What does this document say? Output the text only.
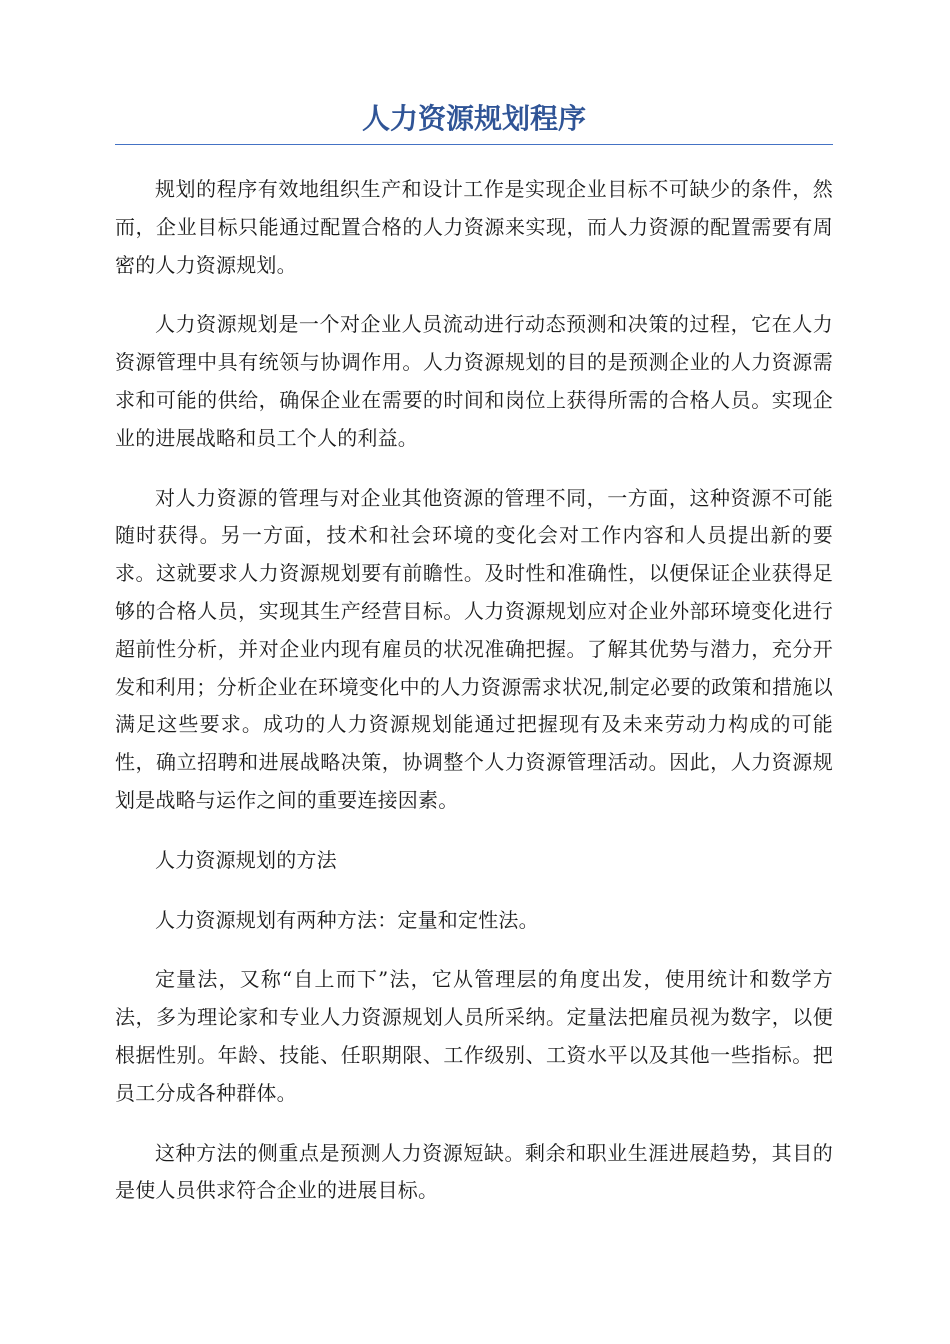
人力资源规划程序

规划的程序有效地组织生产和设计工作是实现企业目标不可缺少的条件，然而，企业目标只能通过配置合格的人力资源来实现，而人力资源的配置需要有周密的人力资源规划。

人力资源规划是一个对企业人员流动进行动态预测和决策的过程，它在人力资源管理中具有统领与协调作用。人力资源规划的目的是预测企业的人力资源需求和可能的供给，确保企业在需要的时间和岗位上获得所需的合格人员。实现企业的进展战略和员工个人的利益。

对人力资源的管理与对企业其他资源的管理不同，一方面，这种资源不可能随时获得。另一方面，技术和社会环境的变化会对工作内容和人员提出新的要求。这就要求人力资源规划要有前瞻性。及时性和准确性，以便保证企业获得足够的合格人员，实现其生产经营目标。人力资源规划应对企业外部环境变化进行超前性分析，并对企业内现有雇员的状况准确把握。了解其优势与潜力，充分开发和利用；分析企业在环境变化中的人力资源需求状况,制定必要的政策和措施以满足这些要求。成功的人力资源规划能通过把握现有及未来劳动力构成的可能性，确立招聘和进展战略决策，协调整个人力资源管理活动。因此，人力资源规划是战略与运作之间的重要连接因素。

人力资源规划的方法

人力资源规划有两种方法：定量和定性法。

定量法，又称“自上而下”法，它从管理层的角度出发，使用统计和数学方法，多为理论家和专业人力资源规划人员所采纳。定量法把雇员视为数字，以便根据性别。年龄、技能、任职期限、工作级别、工资水平以及其他一些指标。把员工分成各种群体。

这种方法的侧重点是预测人力资源短缺。剩余和职业生涯进展趋势，其目的是使人员供求符合企业的进展目标。
